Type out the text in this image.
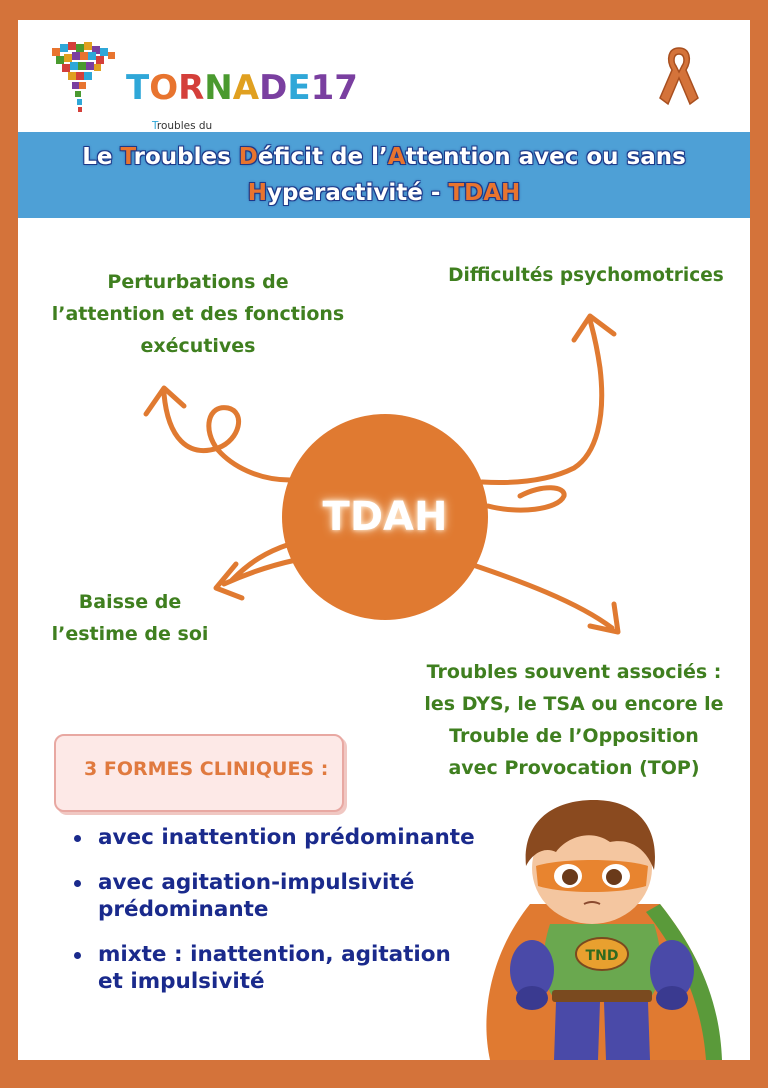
TORNADE17
Troubles du
Le Troubles Déficit de l’Attention avec ou sans
Hyperactivité - TDAH
TDAH
Perturbations de
l’attention et des fonctions
exécutives
Difficultés psychomotrices
Baisse de
l’estime de soi
Troubles souvent associés :
les DYS, le TSA ou encore le
Trouble de l’Opposition
avec Provocation (TOP)
3 FORMES CLINIQUES :
avec inattention prédominante
avec agitation-impulsivité
prédominante
mixte : inattention, agitation
et impulsivité
TND
